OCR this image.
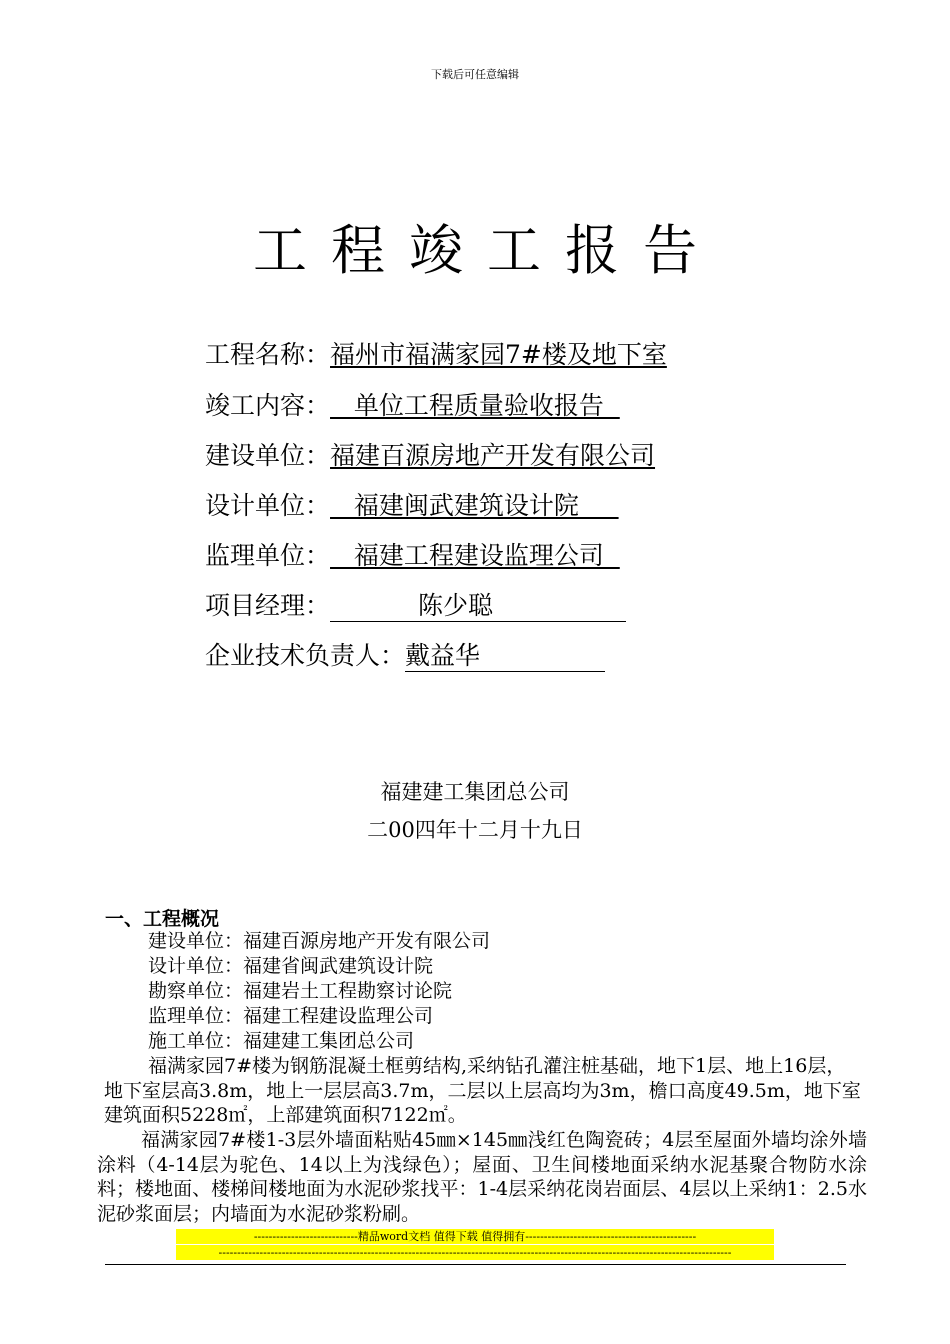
下载后可任意编辑
工程竣工报告
工程名称：福州市福满家园7#楼及地下室
竣工内容：   单位工程质量验收报告
建设单位：福建百源房地产开发有限公司
设计单位：   福建闽武建筑设计院
监理单位：   福建工程建设监理公司
项目经理：	陈少聪
企业技术负责人：戴益华
福建建工集团总公司
二00四年十二月十九日
一、工程概况
建设单位：福建百源房地产开发有限公司
设计单位：福建省闽武建筑设计院
勘察单位：福建岩土工程勘察讨论院
监理单位：福建工程建设监理公司
施工单位：福建建工集团总公司
福满家园7#楼为钢筋混凝土框剪结构,采纳钻孔灌注桩基础，地下1层、地上16层，地下室层高3.8m，地上一层层高3.7m，二层以上层高均为3m，檐口高度49.5m，地下室建筑面积5228㎡，上部建筑面积7122㎡。
福满家园7#楼1-3层外墙面粘贴45㎜×145㎜浅红色陶瓷砖；4层至屋面外墙均涂外墙涂料（4-14层为驼色、14以上为浅绿色）；屋面、卫生间楼地面采纳水泥基聚合物防水涂料；楼地面、楼梯间楼地面为水泥砂浆找平：1-4层采纳花岗岩面层、4层以上采纳1：2.5水泥砂浆面层；内墙面为水泥砂浆粉刷。
----------------------------精品word文档 值得下载 值得拥有----------------------------------------------
------------------------------------------------------------------------------------------------------------------------------------------
